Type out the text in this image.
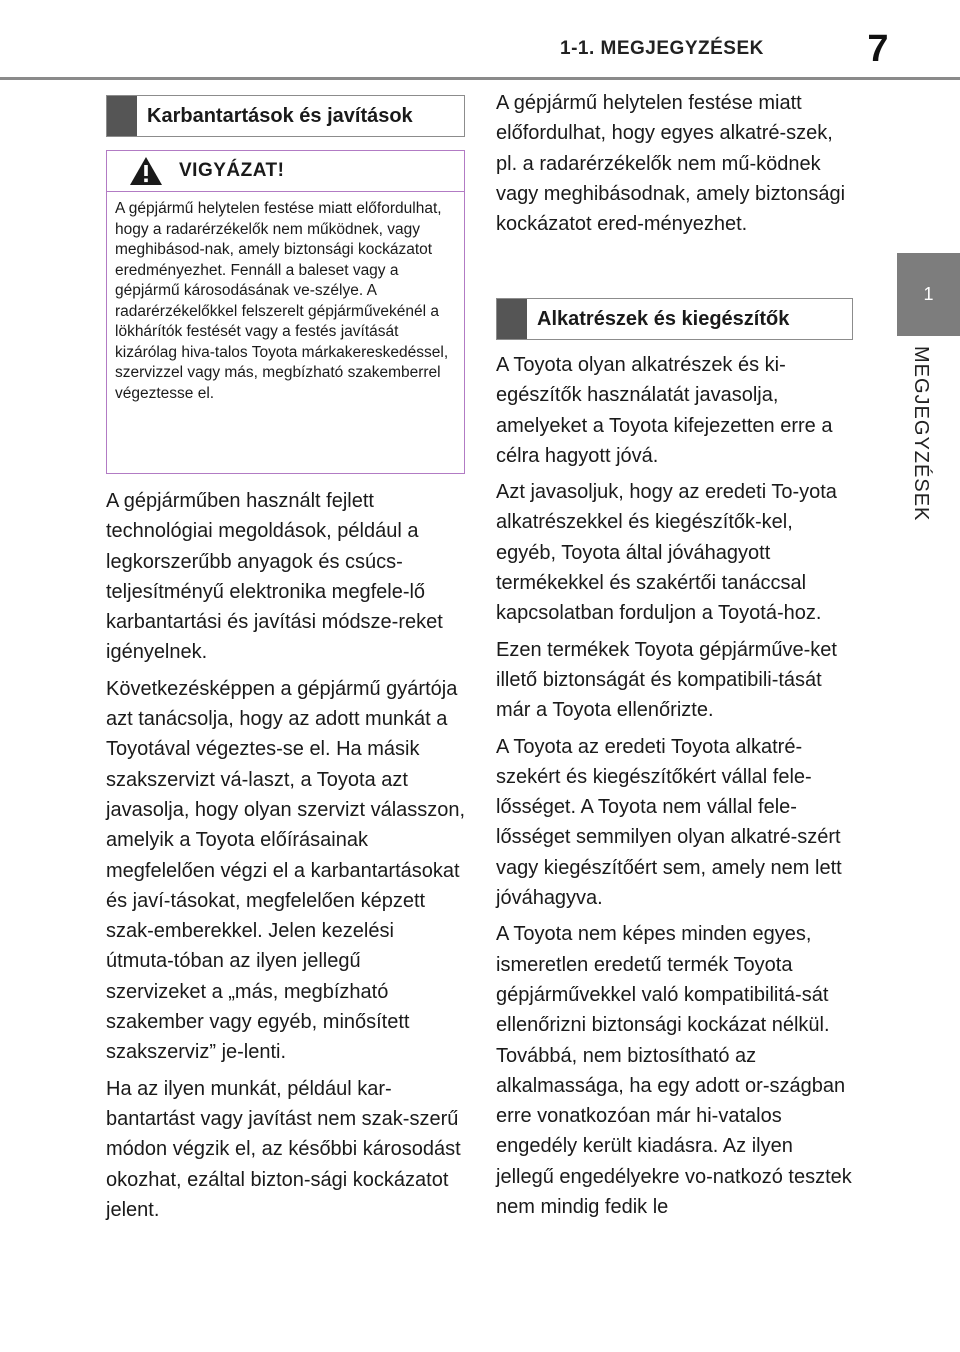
1-1. MEGJEGYZÉSEK	7
1
MEGJEGYZÉSEK
Karbantartások és javítások
VIGYÁZAT!
A gépjármű helytelen festése miatt előfordulhat, hogy a radarérzékelők nem működnek, vagy meghibásod-nak, amely biztonsági kockázatot eredményezhet. Fennáll a baleset vagy a gépjármű károsodásának ve-szélye. A radarérzékelőkkel felszerelt gépjárművekénél a lökhárítók festését vagy a festés javítását kizárólag hiva-talos Toyota márkakereskedéssel, szervizzel vagy más, megbízható szakemberrel végeztesse el.

A gépjárműben használt fejlett technológiai megoldások, például a legkorszerűbb anyagok és csúcs-teljesítményű elektronika megfele-lő karbantartási és javítási módsze-reket igényelnek.

Következésképpen a gépjármű gyártója azt tanácsolja, hogy az adott munkát a Toyotával végeztes-se el. Ha másik szakszervizt vá-laszt, a Toyota azt javasolja, hogy olyan szervizt válasszon, amelyik a Toyota előírásainak megfelelően végzi el a karbantartásokat és javí-tásokat, megfelelően képzett szak-emberekkel. Jelen kezelési útmuta-tóban az ilyen jellegű szervizeket a „más, megbízható szakember vagy egyéb, minősített szakszerviz” je-lenti.

Ha az ilyen munkát, például kar-bantartást vagy javítást nem szak-szerű módon végzik el, az későbbi károsodást okozhat, ezáltal bizton-sági kockázatot jelent.

A gépjármű helytelen festése miatt előfordulhat, hogy egyes alkatré-szek, pl. a radarérzékelők nem mű-ködnek vagy meghibásodnak, amely biztonsági kockázatot ered-ményezhet.

Alkatrészek és kiegészítők

A Toyota olyan alkatrészek és ki-egészítők használatát javasolja, amelyeket a Toyota kifejezetten erre a célra hagyott jóvá.

Azt javasoljuk, hogy az eredeti To-yota alkatrészekkel és kiegészítők-kel, egyéb, Toyota által jóváhagyott termékekkel és szakértői tanáccsal kapcsolatban forduljon a Toyotá-hoz.

Ezen termékek Toyota gépjárműve-ket illető biztonságát és kompatibili-tását már a Toyota ellenőrizte.

A Toyota az eredeti Toyota alkatré-szekért és kiegészítőkért vállal fele-lősséget. A Toyota nem vállal fele-lősséget semmilyen olyan alkatré-szért vagy kiegészítőért sem, amely nem lett jóváhagyva.

A Toyota nem képes minden egyes, ismeretlen eredetű termék Toyota gépjárművekkel való kompatibilitá-sát ellenőrizni biztonsági kockázat nélkül. Továbbá, nem biztosítható az alkalmassága, ha egy adott or-szágban erre vonatkozóan már hi-vatalos engedély került kiadásra. Az ilyen jellegű engedélyekre vo-natkozó tesztek nem mindig fedik le
